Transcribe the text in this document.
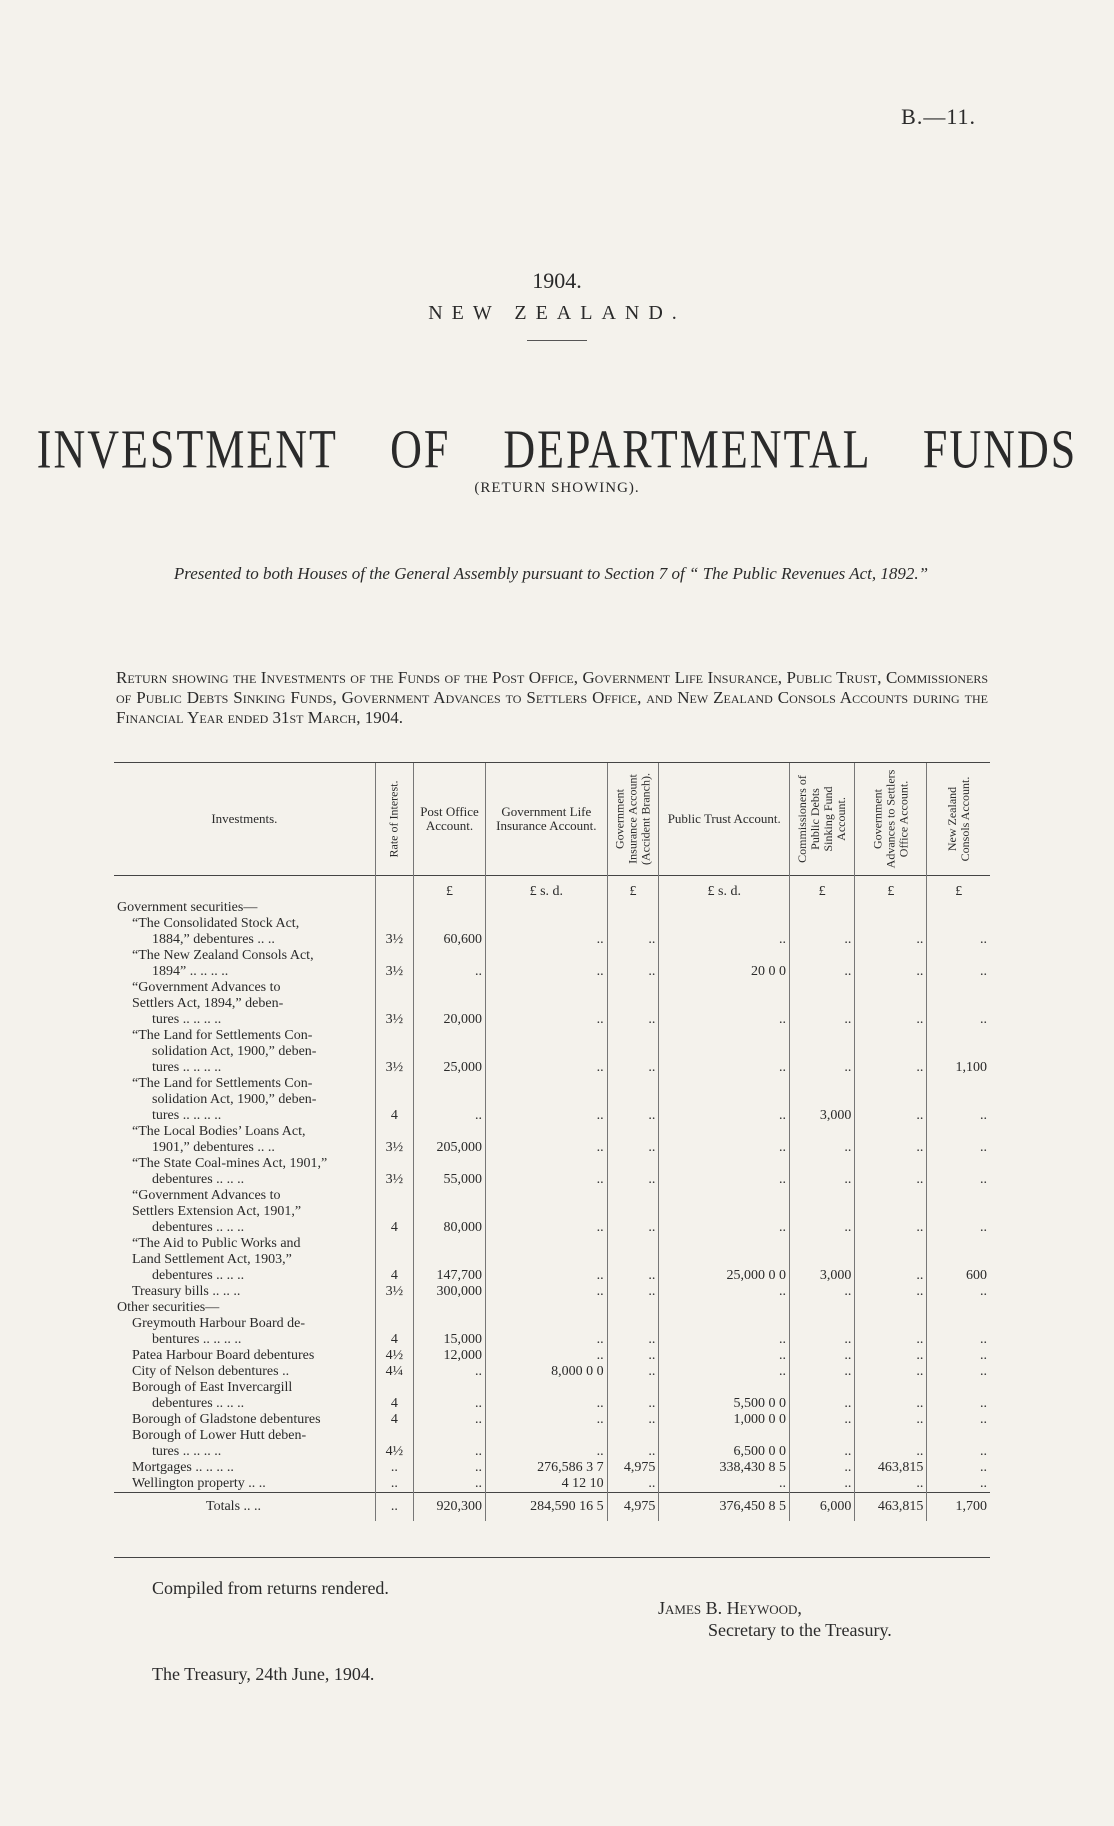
B.—11.
1904.
NEW ZEALAND.
INVESTMENT OF DEPARTMENTAL FUNDS
(RETURN SHOWING).
Presented to both Houses of the General Assembly pursuant to Section 7 of “ The Public Revenues Act, 1892.”
Return showing the Investments of the Funds of the Post Office, Government Life Insurance, Public Trust, Commissioners of Public Debts Sinking Funds, Government Advances to Settlers Office, and New Zealand Consols Accounts during the Financial Year ended 31st March, 1904.
Investments.	Rate of Interest.	Post Office Account.	Government Life Insurance Account.	Government Insurance Account (Accident Branch).	Public Trust Account.	Commissioners of Public Debts Sinking Fund Account.	Government Advances to Settlers Office Account.	New Zealand Consols Account.

		£	£ s. d.	£	£ s. d.	£	£	£
Government securities—								
“The Consolidated Stock Act,								
1884,” debentures .. ..	3½	60,600	..	..	..	..	..	..
“The New Zealand Consols Act,								
1894” .. .. .. ..	3½	..	..	..	20 0 0	..	..	..
“Government Advances to								
Settlers Act, 1894,” deben-								
tures .. .. .. ..	3½	20,000	..	..	..	..	..	..
“The Land for Settlements Con-								
solidation Act, 1900,” deben-								
tures .. .. .. ..	3½	25,000	..	..	..	..	..	1,100
“The Land for Settlements Con-								
solidation Act, 1900,” deben-								
tures .. .. .. ..	4	..	..	..	..	3,000	..	..
“The Local Bodies’ Loans Act,								
1901,” debentures .. ..	3½	205,000	..	..	..	..	..	..
“The State Coal-mines Act, 1901,”								
debentures .. .. ..	3½	55,000	..	..	..	..	..	..
“Government Advances to								
Settlers Extension Act, 1901,”								
debentures .. .. ..	4	80,000	..	..	..	..	..	..
“The Aid to Public Works and								
Land Settlement Act, 1903,”								
debentures .. .. ..	4	147,700	..	..	25,000 0 0	3,000	..	600
Treasury bills .. .. ..	3½	300,000	..	..	..	..	..	..
Other securities—								
Greymouth Harbour Board de-								
bentures .. .. .. ..	4	15,000	..	..	..	..	..	..
Patea Harbour Board debentures	4½	12,000	..	..	..	..	..	..
City of Nelson debentures ..	4¼	..	8,000 0 0	..	..	..	..	..
Borough of East Invercargill								
debentures .. .. ..	4	..	..	..	5,500 0 0	..	..	..
Borough of Gladstone debentures	4	..	..	..	1,000 0 0	..	..	..
Borough of Lower Hutt deben-								
tures .. .. .. ..	4½	..	..	..	6,500 0 0	..	..	..
Mortgages .. .. .. ..	..	..	276,586 3 7	4,975	338,430 8 5	..	463,815	..
Wellington property .. ..	..	..	4 12 10	..	..	..	..	..
Totals .. ..	..	920,300	284,590 16 5	4,975	376,450 8 5	6,000	463,815	1,700
Compiled from returns rendered.
James B. Heywood,
Secretary to the Treasury.
The Treasury, 24th June, 1904.
